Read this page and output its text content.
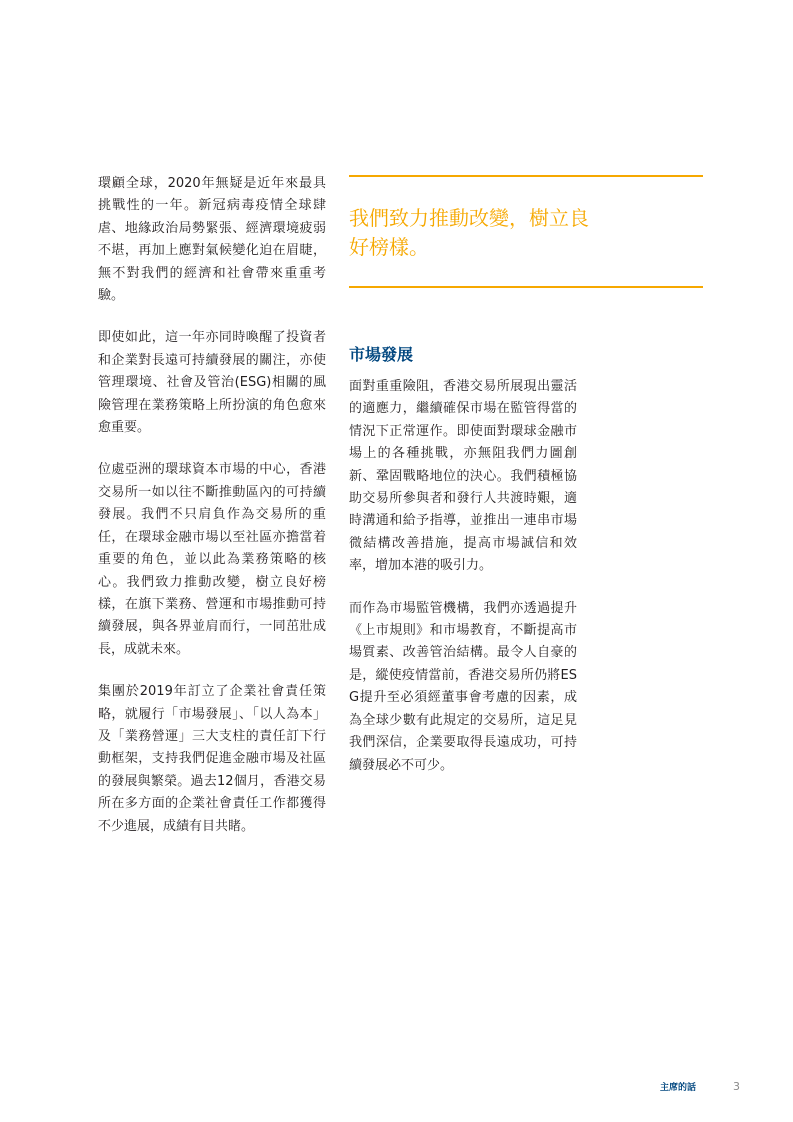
環顧全球，2020年無疑是近年來最具挑戰性的一年。新冠病毒疫情全球肆虐、地緣政治局勢緊張、經濟環境疲弱不堪，再加上應對氣候變化迫在眉睫，無不對我們的經濟和社會帶來重重考驗。

即使如此，這一年亦同時喚醒了投資者和企業對長遠可持續發展的關注，亦使管理環境、社會及管治(ESG)相關的風險管理在業務策略上所扮演的角色愈來愈重要。

位處亞洲的環球資本市場的中心，香港交易所一如以往不斷推動區內的可持續發展。我們不只肩負作為交易所的重任，在環球金融市場以至社區亦擔當着重要的角色，並以此為業務策略的核心。我們致力推動改變，樹立良好榜樣，在旗下業務、營運和市場推動可持續發展，與各界並肩而行，一同茁壯成長，成就未來。

集團於2019年訂立了企業社會責任策略，就履行「市場發展」、「以人為本」及「業務營運」三大支柱的責任訂下行動框架，支持我們促進金融市場及社區的發展與繁榮。過去12個月，香港交易所在多方面的企業社會責任工作都獲得不少進展，成績有目共睹。

我們致力推動改變，樹立良好榜樣。

市場發展

面對重重險阻，香港交易所展現出靈活的適應力，繼續確保市場在監管得當的情況下正常運作。即使面對環球金融市場上的各種挑戰，亦無阻我們力圖創新、鞏固戰略地位的決心。我們積極協助交易所參與者和發行人共渡時艱，適時溝通和給予指導，並推出一連串市場微結構改善措施，提高市場誠信和效率，增加本港的吸引力。

而作為市場監管機構，我們亦透過提升《上市規則》和市場教育，不斷提高市場質素、改善管治結構。最令人自豪的是，縱使疫情當前，香港交易所仍將ESG提升至必須經董事會考慮的因素，成為全球少數有此規定的交易所，這足見我們深信，企業要取得長遠成功，可持續發展必不可少。

主席的話	3
